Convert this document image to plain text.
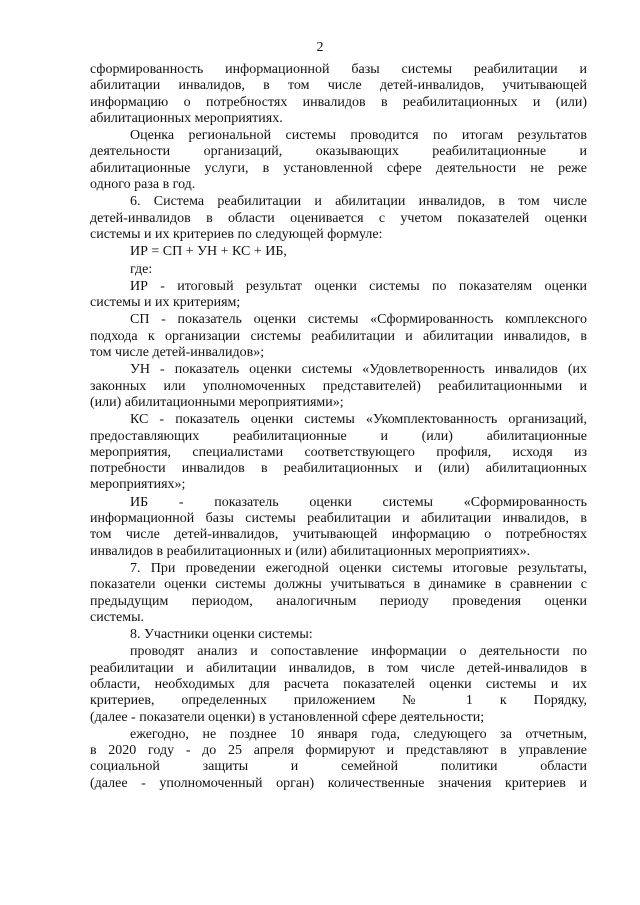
2
сформированность информационной базы системы реабилитации и
абилитации инвалидов, в том числе детей-инвалидов, учитывающей
информацию о потребностях инвалидов в реабилитационных и (или)
абилитационных мероприятиях.
Оценка региональной системы проводится по итогам результатов
деятельности организаций, оказывающих реабилитационные и
абилитационные услуги, в установленной сфере деятельности не реже
одного раза в год.
6. Система реабилитации и абилитации инвалидов, в том числе
детей-инвалидов в области оценивается с учетом показателей оценки
системы и их критериев по следующей формуле:
ИР = СП + УН + КС + ИБ,
где:
ИР - итоговый результат оценки системы по показателям оценки
системы и их критериям;
СП - показатель оценки системы «Сформированность комплексного
подхода к организации системы реабилитации и абилитации инвалидов, в
том числе детей-инвалидов»;
УН - показатель оценки системы «Удовлетворенность инвалидов (их
законных или уполномоченных представителей) реабилитационными и
(или) абилитационными мероприятиями»;
КС - показатель оценки системы «Укомплектованность организаций,
предоставляющих реабилитационные и (или) абилитационные
мероприятия, специалистами соответствующего профиля, исходя из
потребности инвалидов в реабилитационных и (или) абилитационных
мероприятиях»;
ИБ - показатель оценки системы «Сформированность
информационной базы системы реабилитации и абилитации инвалидов, в
том числе детей-инвалидов, учитывающей информацию о потребностях
инвалидов в реабилитационных и (или) абилитационных мероприятиях».
7. При проведении ежегодной оценки системы итоговые результаты,
показатели оценки системы должны учитываться в динамике в сравнении с
предыдущим периодом, аналогичным периоду проведения оценки
системы.
8. Участники оценки системы:
проводят анализ и сопоставление информации о деятельности по
реабилитации и абилитации инвалидов, в том числе детей-инвалидов в
области, необходимых для расчета показателей оценки системы и их
критериев, определенных приложением № 1 к Порядку,
(далее - показатели оценки) в установленной сфере деятельности;
ежегодно, не позднее 10 января года, следующего за отчетным,
в 2020 году - до 25 апреля формируют и представляют в управление
социальной защиты и семейной политики области
(далее - уполномоченный орган) количественные значения критериев и
